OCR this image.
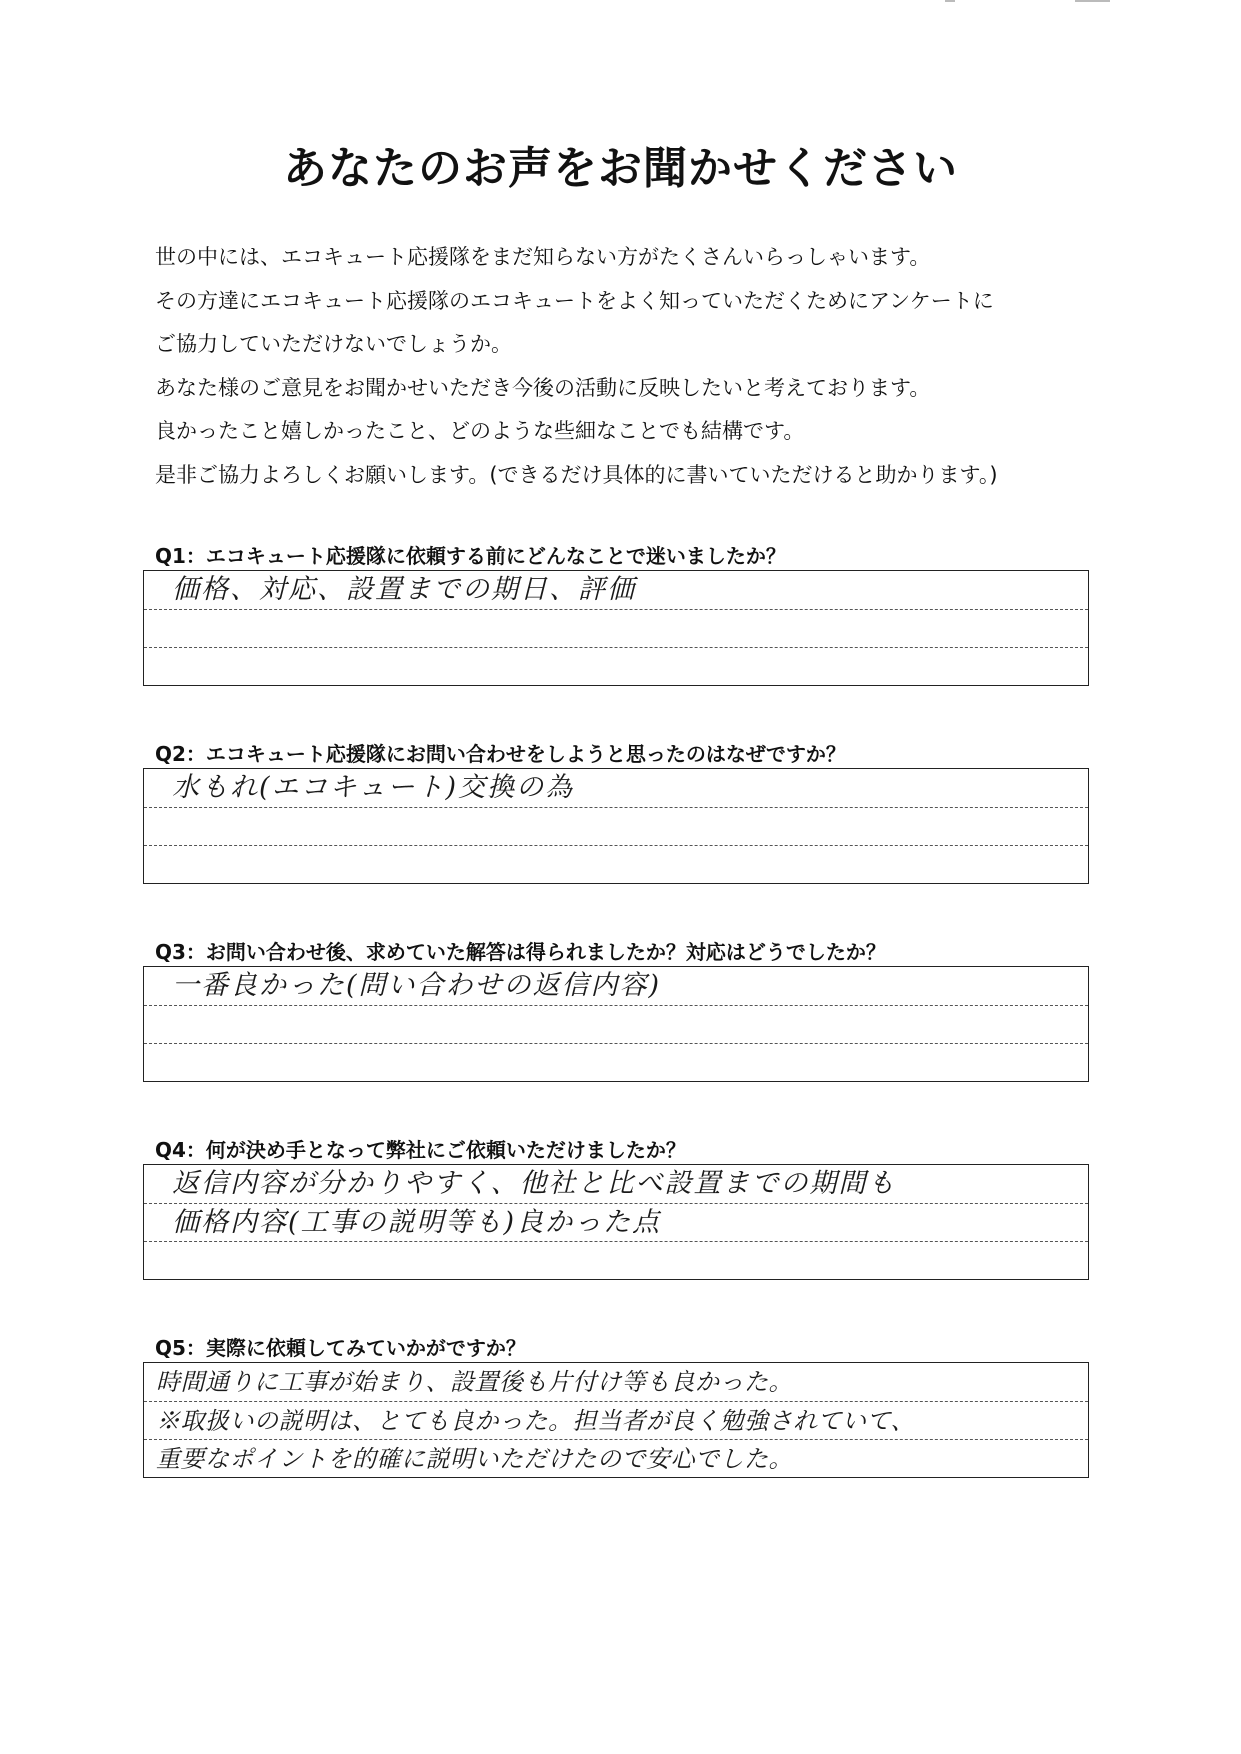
あなたのお声をお聞かせください

世の中には、エコキュート応援隊をまだ知らない方がたくさんいらっしゃいます。

その方達にエコキュート応援隊のエコキュートをよく知っていただくためにアンケートに

ご協力していただけないでしょうか。

あなた様のご意見をお聞かせいただき今後の活動に反映したいと考えております。

良かったこと嬉しかったこと、どのような些細なことでも結構です。

是非ご協力よろしくお願いします。(できるだけ具体的に書いていただけると助かります。)

Q1：エコキュート応援隊に依頼する前にどんなことで迷いましたか？
価格、対応、設置までの期日、評価
Q2：エコキュート応援隊にお問い合わせをしようと思ったのはなぜですか？
水もれ(エコキュート)交換の為
Q3：お問い合わせ後、求めていた解答は得られましたか？対応はどうでしたか？
一番良かった(問い合わせの返信内容)
Q4：何が決め手となって弊社にご依頼いただけましたか？
返信内容が分かりやすく、他社と比べ設置までの期間も
価格内容(工事の説明等も)良かった点
Q5：実際に依頼してみていかがですか？
時間通りに工事が始まり、設置後も片付け等も良かった。
※取扱いの説明は、とても良かった。担当者が良く勉強されていて、
重要なポイントを的確に説明いただけたので安心でした。
